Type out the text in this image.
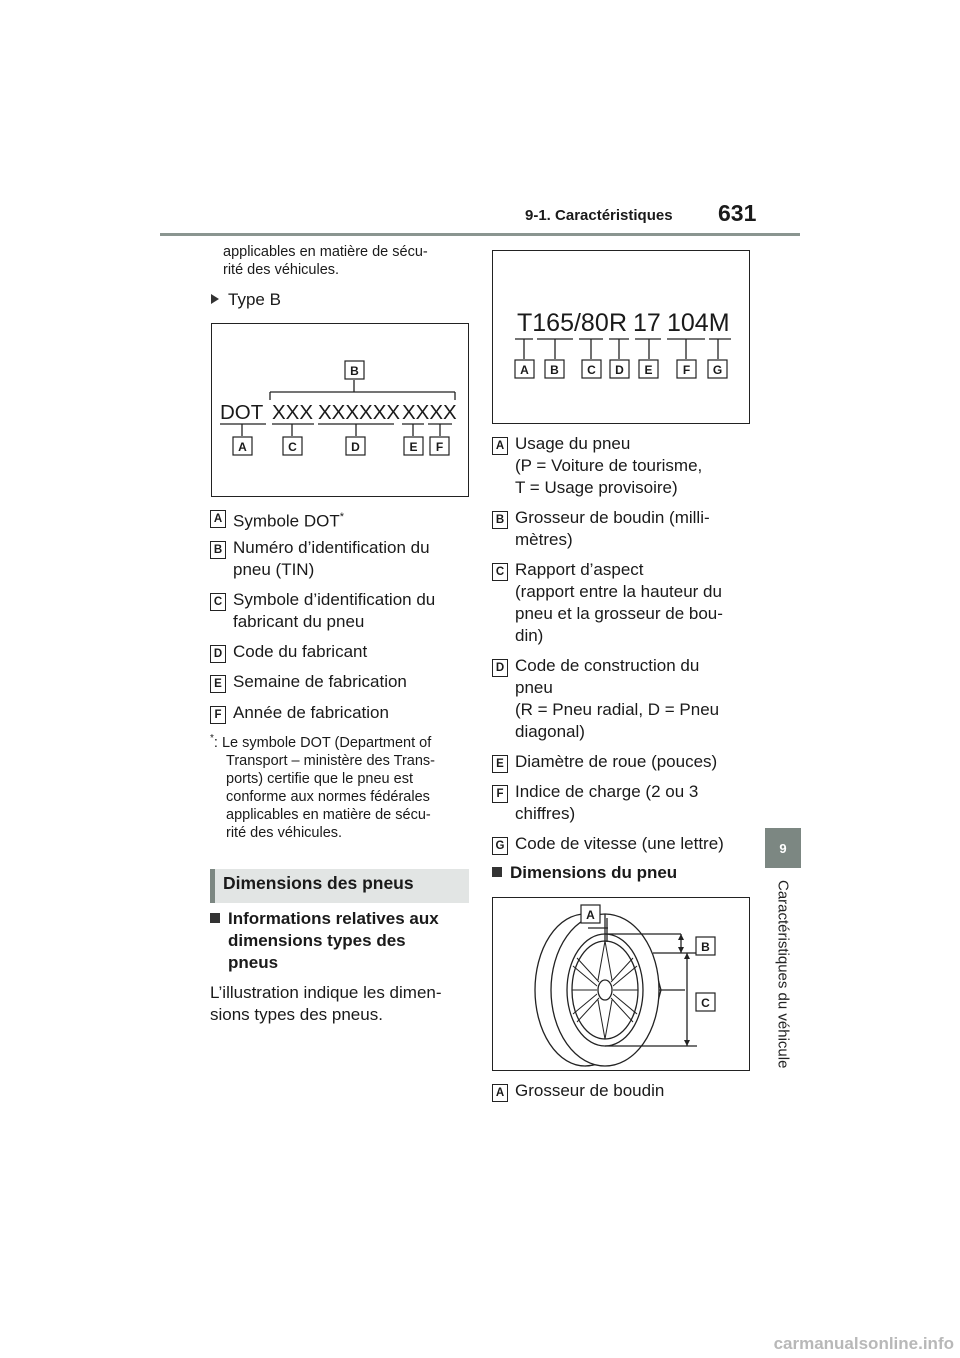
9-1. Caractéristiques 631
9
Caractéristiques du véhicule
applicables en matière de sécu-
rité des véhicules.
Type B
DOT XXX XXXXXX XXXX
B
A	C	D	E F
A Symbole DOT*
B Numéro d’identification du
pneu (TIN)
C Symbole d’identification du
fabricant du pneu
D Code du fabricant
E Semaine de fabrication
F Année de fabrication
*: Le symbole DOT (Department of
Transport – ministère des Trans-
ports) certifie que le pneu est
conforme aux normes fédérales
applicables en matière de sécu-
rité des véhicules.
Dimensions des pneus
Informations relatives aux
dimensions types des
pneus
L’illustration indique les dimen-
sions types des pneus.
T165/80 R 17 104M
A B C D E	F G
A Usage du pneu
(P = Voiture de tourisme,
T = Usage provisoire)
B Grosseur de boudin (milli-
mètres)
C Rapport d’aspect
(rapport entre la hauteur du
pneu et la grosseur de bou-
din)
D Code de construction du
pneu
(R = Pneu radial, D = Pneu
diagonal)
E Diamètre de roue (pouces)
F Indice de charge (2 ou 3
chiffres)
G Code de vitesse (une lettre)
Dimensions du pneu
A
B
C
A Grosseur de boudin
carmanualsonline.info
